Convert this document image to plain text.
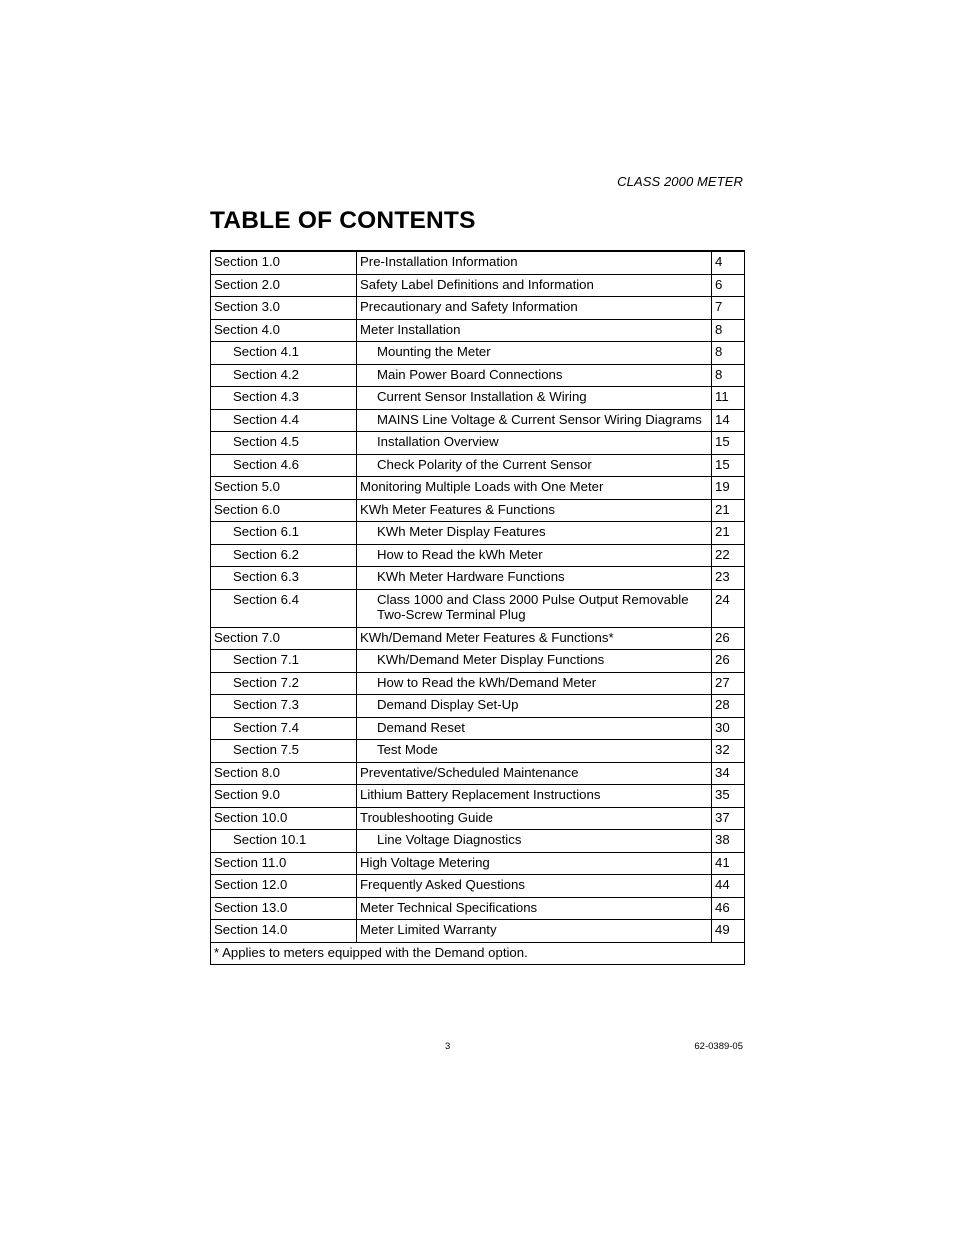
CLASS 2000 METER
TABLE OF CONTENTS
Section 1.0	Pre-Installation Information	4
Section 2.0	Safety Label Definitions and Information	6
Section 3.0	Precautionary and Safety Information	7
Section 4.0	Meter Installation	8
Section 4.1	Mounting the Meter	8
Section 4.2	Main Power Board Connections	8
Section 4.3	Current Sensor Installation & Wiring	11
Section 4.4	MAINS Line Voltage & Current Sensor Wiring Diagrams	14
Section 4.5	Installation Overview	15
Section 4.6	Check Polarity of the Current Sensor	15
Section 5.0	Monitoring Multiple Loads with One Meter	19
Section 6.0	KWh Meter Features & Functions	21
Section 6.1	KWh Meter Display Features	21
Section 6.2	How to Read the kWh Meter	22
Section 6.3	KWh Meter Hardware Functions	23
Section 6.4	Class 1000 and Class 2000 Pulse Output Removable Two-Screw Terminal Plug	24
Section 7.0	KWh/Demand Meter Features & Functions*	26
Section 7.1	KWh/Demand Meter Display Functions	26
Section 7.2	How to Read the kWh/Demand Meter	27
Section 7.3	Demand Display Set-Up	28
Section 7.4	Demand Reset	30
Section 7.5	Test Mode	32
Section 8.0	Preventative/Scheduled Maintenance	34
Section 9.0	Lithium Battery Replacement Instructions	35
Section 10.0	Troubleshooting Guide	37
Section 10.1	Line Voltage Diagnostics	38
Section 11.0	High Voltage Metering	41
Section 12.0	Frequently Asked Questions	44
Section 13.0	Meter Technical Specifications	46
Section 14.0	Meter Limited Warranty	49
* Applies to meters equipped with the Demand option.		
3	62-0389-05
